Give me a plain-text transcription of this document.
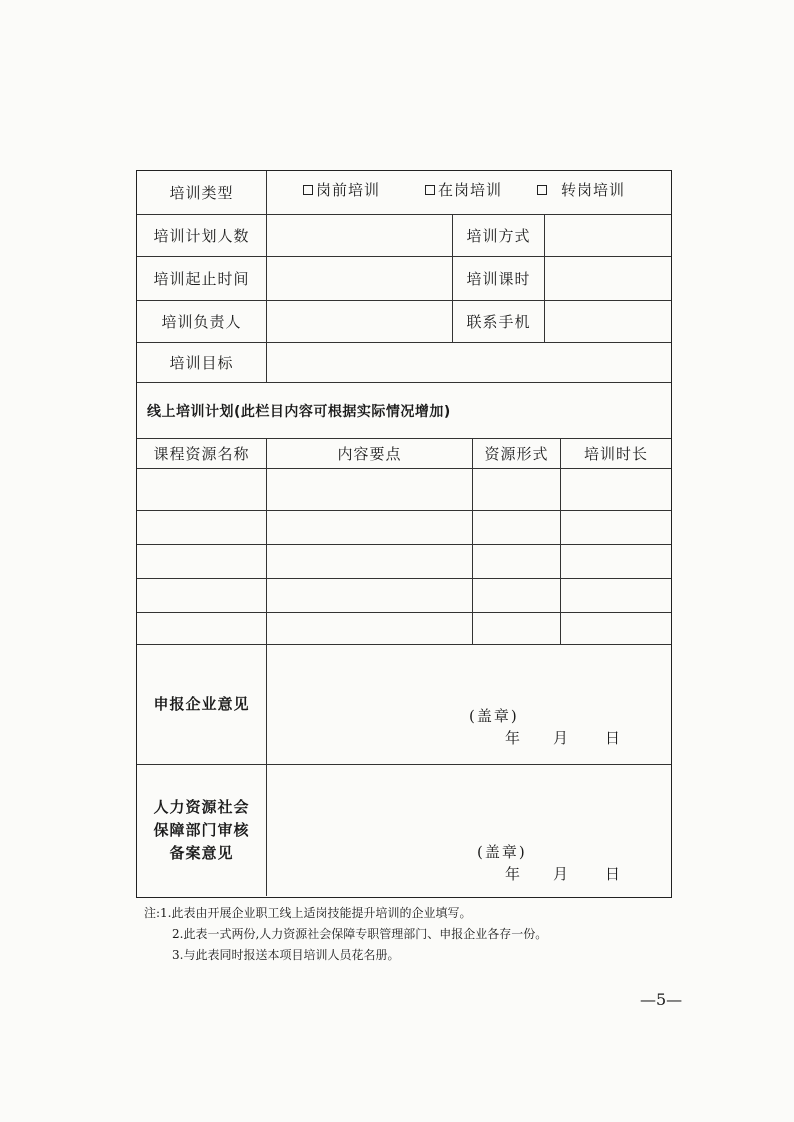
培训类型	岗前培训	在岗培训	转岗培训
培训计划人数	培训方式
培训起止时间	培训课时
培训负责人	联系手机
培训目标
线上培训计划(此栏目内容可根据实际情况增加)
课程资源名称	内容要点	资源形式	培训时长
申报企业意见
(盖章)
年 月 日
人力资源社会
保障部门审核
备案意见	(盖章)
年 月 日
注:1.此表由开展企业职工线上适岗技能提升培训的企业填写。
2.此表一式两份,人力资源社会保障专职管理部门、申报企业各存一份。
3.与此表同时报送本项目培训人员花名册。
—5—
